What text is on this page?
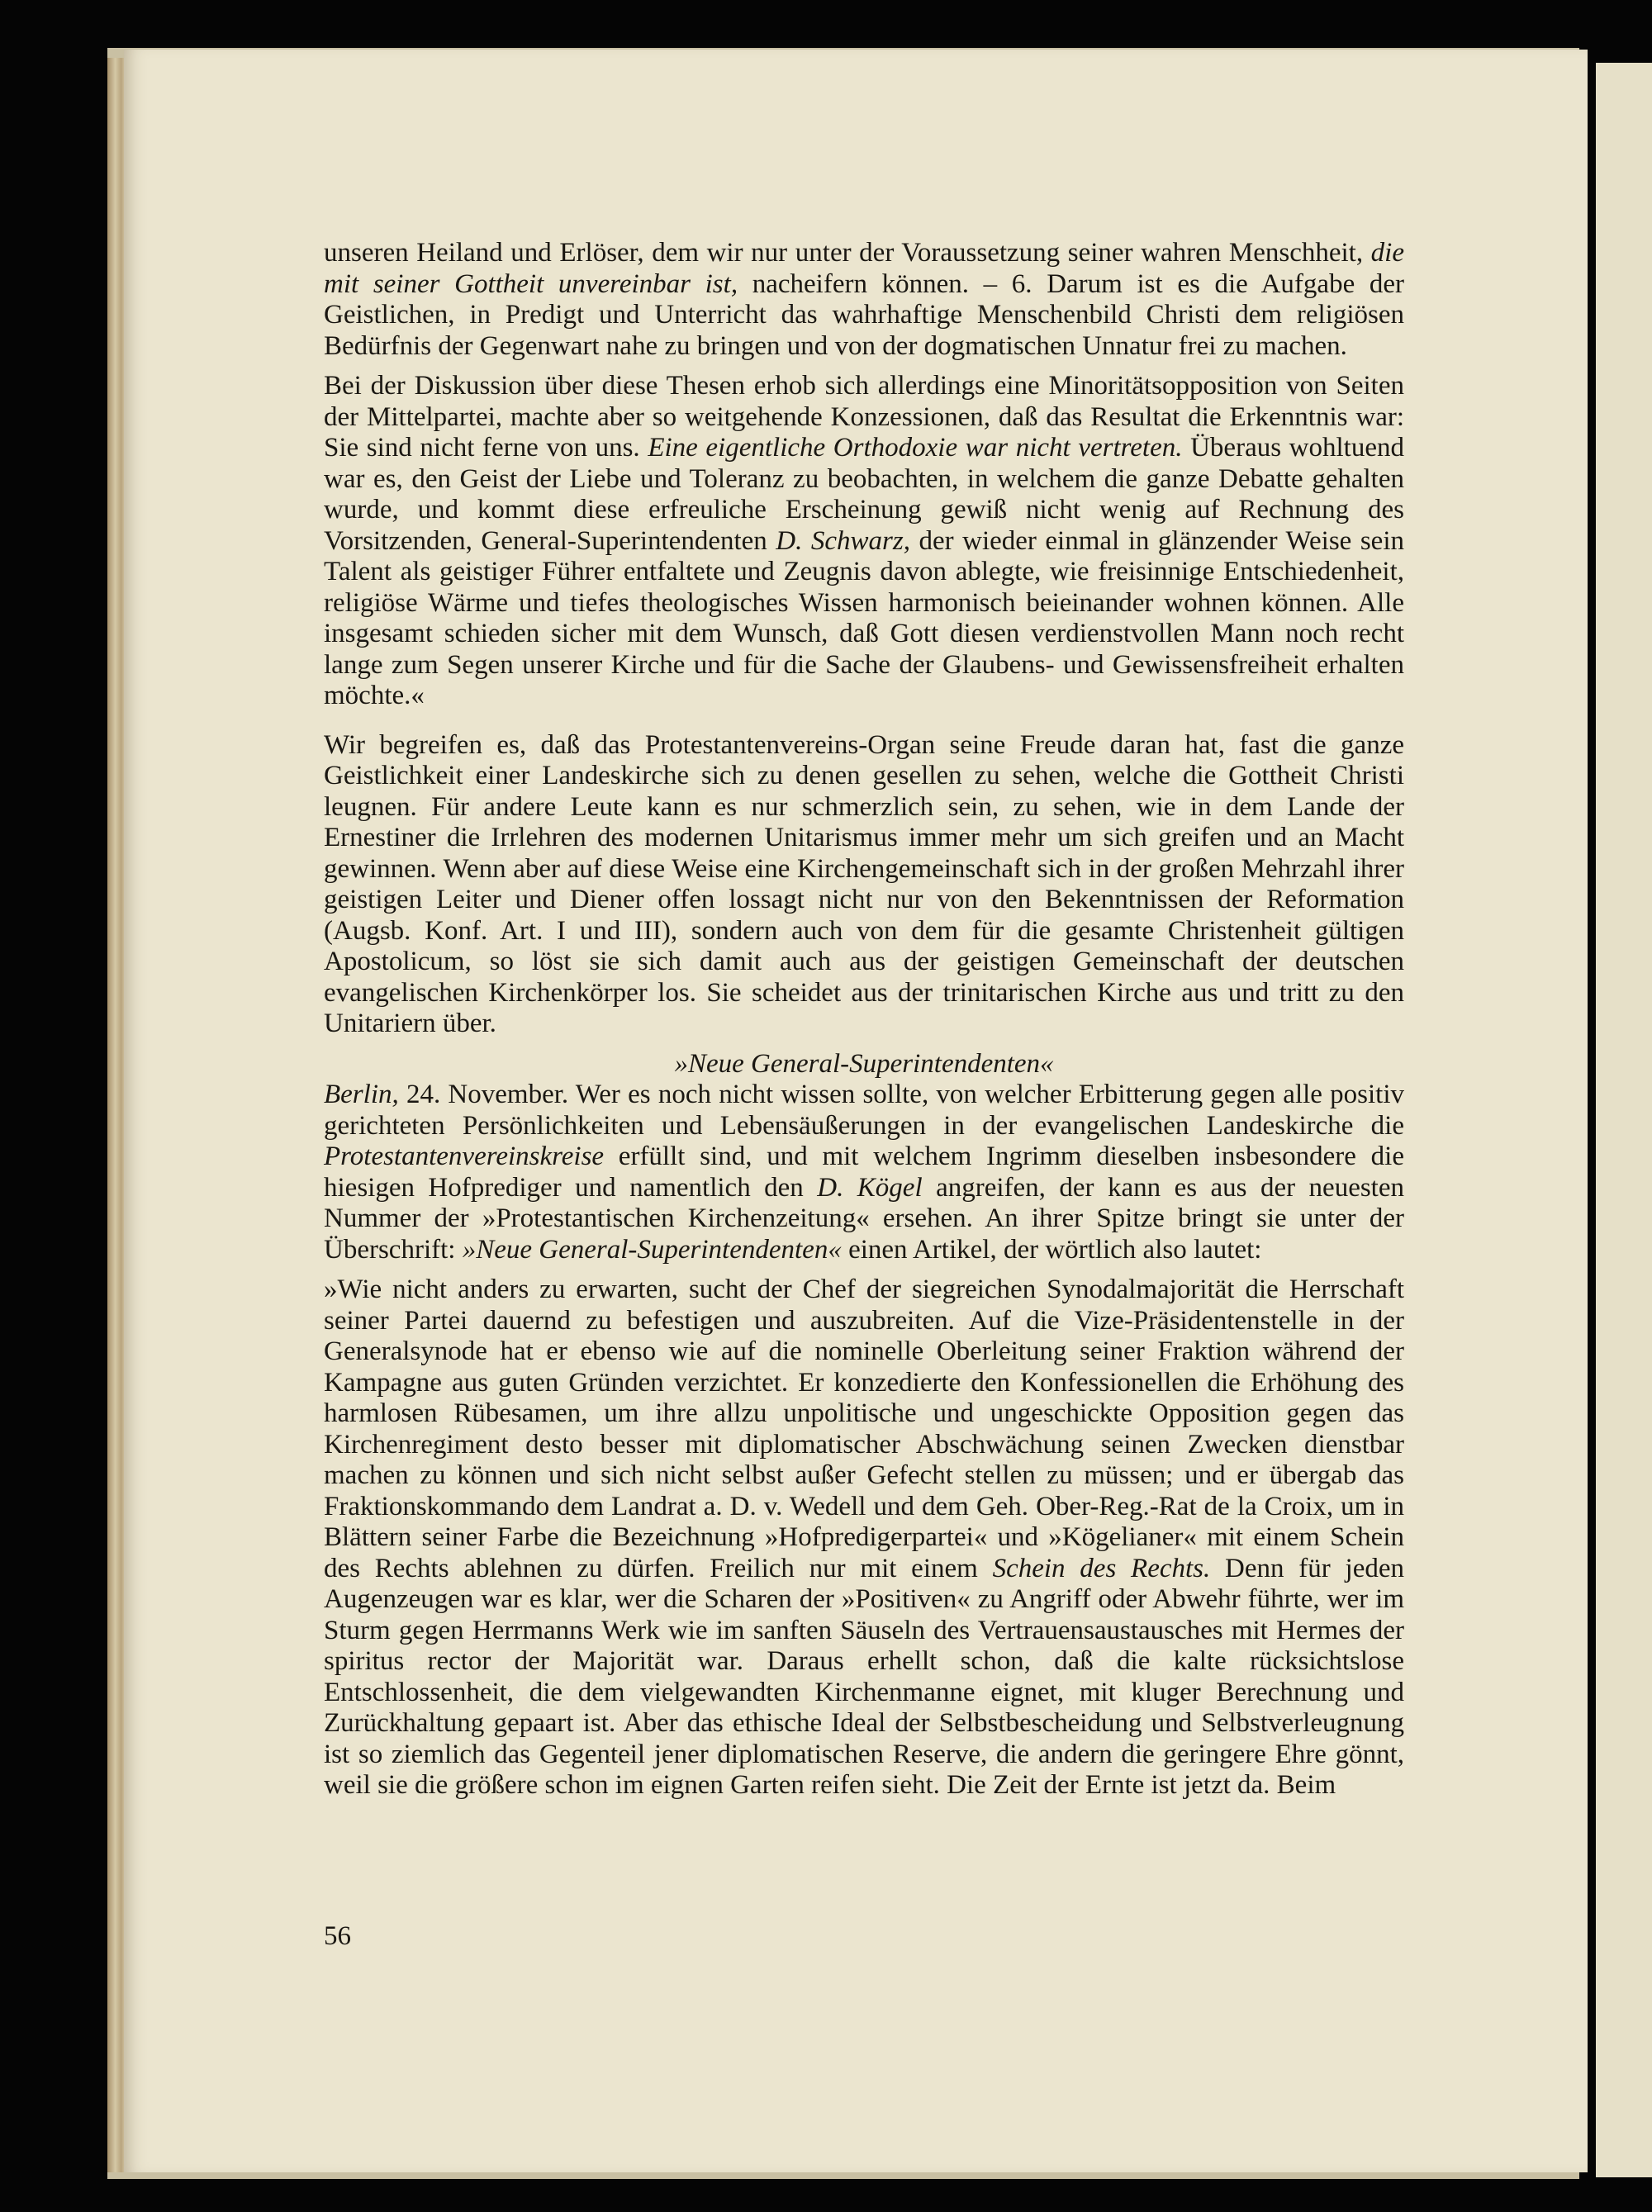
unseren Heiland und Erlöser, dem wir nur unter der Voraussetzung seiner wahren Menschheit, die mit seiner Gottheit unvereinbar ist, nacheifern können. – 6. Darum ist es die Aufgabe der Geistlichen, in Predigt und Unterricht das wahrhaftige Menschenbild Christi dem religiösen Bedürfnis der Gegenwart nahe zu bringen und von der dogmatischen Unnatur frei zu machen.

Bei der Diskussion über diese Thesen erhob sich allerdings eine Minoritätsopposition von Seiten der Mittelpartei, machte aber so weitgehende Konzessionen, daß das Resultat die Erkenntnis war: Sie sind nicht ferne von uns. Eine eigentliche Orthodoxie war nicht vertreten. Überaus wohltuend war es, den Geist der Liebe und Toleranz zu beobachten, in welchem die ganze Debatte gehalten wurde, und kommt diese erfreuliche Erscheinung gewiß nicht wenig auf Rechnung des Vorsitzenden, General-Superintendenten D. Schwarz, der wieder einmal in glänzender Weise sein Talent als geistiger Führer entfaltete und Zeugnis davon ablegte, wie freisinnige Entschiedenheit, religiöse Wärme und tiefes theologisches Wissen harmonisch beieinander wohnen können. Alle insgesamt schieden sicher mit dem Wunsch, daß Gott diesen verdienstvollen Mann noch recht lange zum Segen unserer Kirche und für die Sache der Glaubens- und Gewissensfreiheit erhalten möchte.«

Wir begreifen es, daß das Protestantenvereins-Organ seine Freude daran hat, fast die ganze Geistlichkeit einer Landeskirche sich zu denen gesellen zu sehen, welche die Gottheit Christi leugnen. Für andere Leute kann es nur schmerzlich sein, zu sehen, wie in dem Lande der Ernestiner die Irrlehren des modernen Unitarismus immer mehr um sich greifen und an Macht gewinnen. Wenn aber auf diese Weise eine Kirchengemeinschaft sich in der großen Mehrzahl ihrer geistigen Leiter und Diener offen lossagt nicht nur von den Bekenntnissen der Reformation (Augsb. Konf. Art. I und III), sondern auch von dem für die gesamte Christenheit gültigen Apostolicum, so löst sie sich damit auch aus der geistigen Gemeinschaft der deutschen evangelischen Kirchenkörper los. Sie scheidet aus der trinitarischen Kirche aus und tritt zu den Unitariern über.

»Neue General-Superintendenten«

Berlin, 24. November. Wer es noch nicht wissen sollte, von welcher Erbitterung gegen alle positiv gerichteten Persönlichkeiten und Lebensäußerungen in der evangelischen Landeskirche die Protestantenvereinskreise erfüllt sind, und mit welchem Ingrimm dieselben insbesondere die hiesigen Hofprediger und namentlich den D. Kögel angreifen, der kann es aus der neuesten Nummer der »Protestantischen Kirchenzeitung« ersehen. An ihrer Spitze bringt sie unter der Überschrift: »Neue General-Superintendenten« einen Artikel, der wörtlich also lautet:

»Wie nicht anders zu erwarten, sucht der Chef der siegreichen Synodalmajorität die Herrschaft seiner Partei dauernd zu befestigen und auszubreiten. Auf die Vize-Präsidentenstelle in der Generalsynode hat er ebenso wie auf die nominelle Oberleitung seiner Fraktion während der Kampagne aus guten Gründen verzichtet. Er konzedierte den Konfessionellen die Erhöhung des harmlosen Rübesamen, um ihre allzu unpolitische und ungeschickte Opposition gegen das Kirchenregiment desto besser mit diplomatischer Abschwächung seinen Zwecken dienstbar machen zu können und sich nicht selbst außer Gefecht stellen zu müssen; und er übergab das Fraktionskommando dem Landrat a. D. v. Wedell und dem Geh. Ober-Reg.-Rat de la Croix, um in Blättern seiner Farbe die Bezeichnung »Hofpredigerpartei« und »Kögelianer« mit einem Schein des Rechts ablehnen zu dürfen. Freilich nur mit einem Schein des Rechts. Denn für jeden Augenzeugen war es klar, wer die Scharen der »Positiven« zu Angriff oder Abwehr führte, wer im Sturm gegen Herrmanns Werk wie im sanften Säuseln des Vertrauensaustausches mit Hermes der spiritus rector der Majorität war. Daraus erhellt schon, daß die kalte rücksichtslose Entschlossenheit, die dem vielgewandten Kirchenmanne eignet, mit kluger Berechnung und Zurückhaltung gepaart ist. Aber das ethische Ideal der Selbstbescheidung und Selbstverleugnung ist so ziemlich das Gegenteil jener diplomatischen Reserve, die andern die geringere Ehre gönnt, weil sie die größere schon im eignen Garten reifen sieht. Die Zeit der Ernte ist jetzt da. Beim

56
